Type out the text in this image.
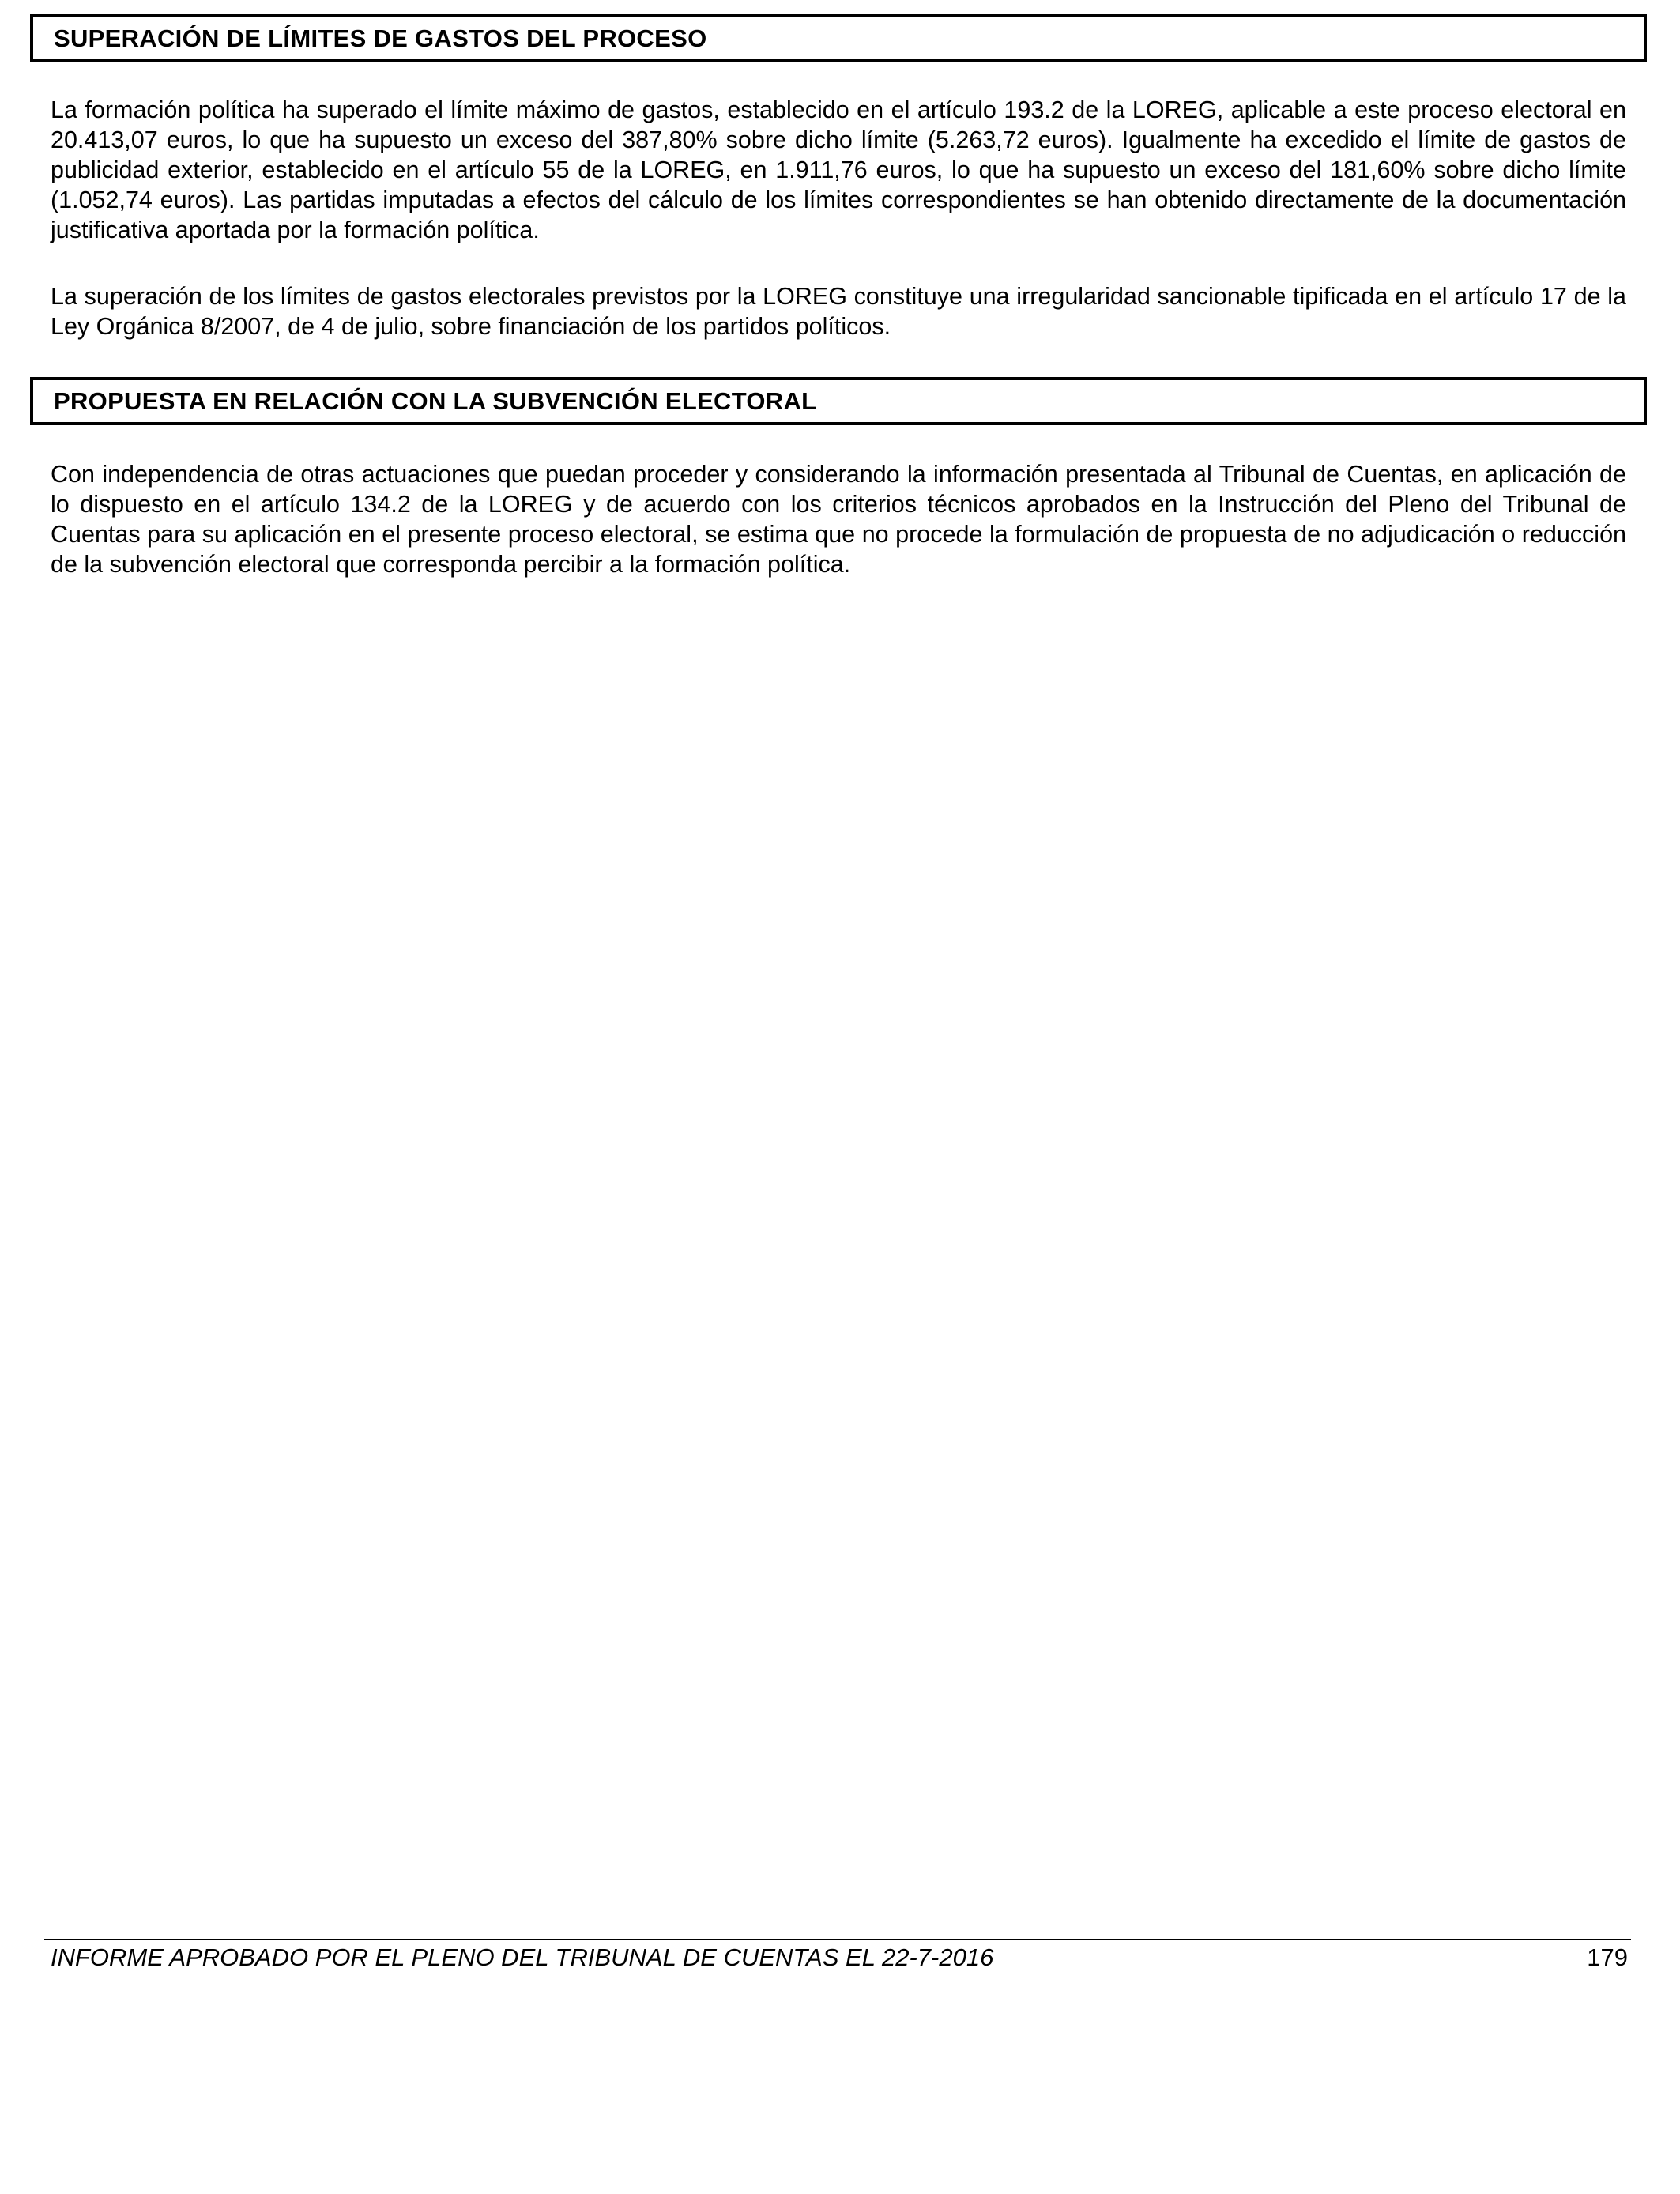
SUPERACIÓN DE LÍMITES DE GASTOS DEL PROCESO

La formación política ha superado el límite máximo de gastos, establecido en el artículo 193.2 de la LOREG, aplicable a este proceso electoral en 20.413,07 euros, lo que ha supuesto un exceso del 387,80% sobre dicho límite (5.263,72 euros). Igualmente ha excedido el límite de gastos de publicidad exterior, establecido en el artículo 55 de la LOREG, en 1.911,76 euros, lo que ha supuesto un exceso del 181,60% sobre dicho límite (1.052,74 euros). Las partidas imputadas a efectos del cálculo de los límites correspondientes se han obtenido directamente de la documentación justificativa aportada por la formación política.

La superación de los límites de gastos electorales previstos por la LOREG constituye una irregularidad sancionable tipificada en el artículo 17 de la Ley Orgánica 8/2007, de 4 de julio, sobre financiación de los partidos políticos.

PROPUESTA EN RELACIÓN CON LA SUBVENCIÓN ELECTORAL

Con independencia de otras actuaciones que puedan proceder y considerando la información presentada al Tribunal de Cuentas, en aplicación de lo dispuesto en el artículo 134.2 de la LOREG y de acuerdo con los criterios técnicos aprobados en la Instrucción del Pleno del Tribunal de Cuentas para su aplicación en el presente proceso electoral, se estima que no procede la formulación de propuesta de no adjudicación o reducción de la subvención electoral que corresponda percibir a la formación política.

INFORME APROBADO POR EL PLENO DEL TRIBUNAL DE CUENTAS EL 22-7-2016	179
